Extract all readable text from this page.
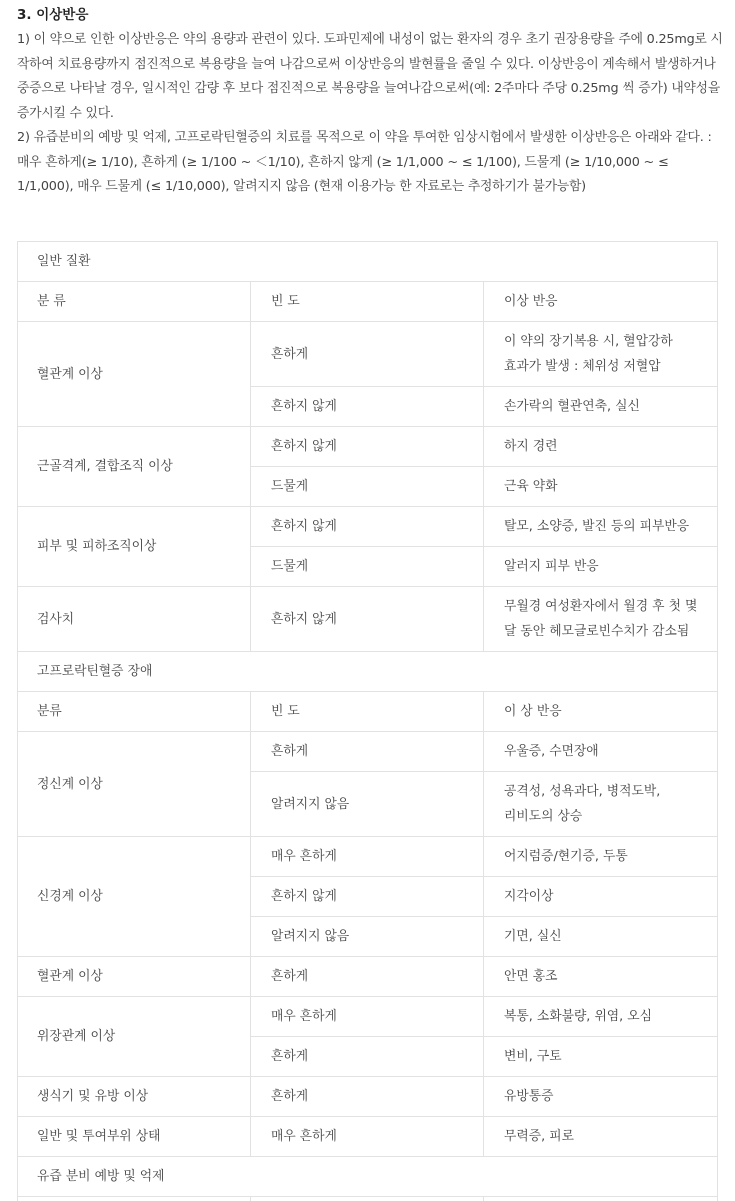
3. 이상반응

1) 이 약으로 인한 이상반응은 약의 용량과 관련이 있다. 도파민제에 내성이 없는 환자의 경우 초기 권장용량을 주에 0.25mg로 시작하여 치료용량까지 점진적으로 복용량을 늘여 나감으로써 이상반응의 발현률을 줄일 수 있다. 이상반응이 계속해서 발생하거나 중증으로 나타날 경우, 일시적인 감량 후 보다 점진적으로 복용량을 늘여나감으로써(예: 2주마다 주당 0.25mg 씩 증가) 내약성을 증가시킬 수 있다.

2) 유즙분비의 예방 및 억제, 고프로락틴혈증의 치료를 목적으로 이 약을 투여한 임상시험에서 발생한 이상반응은 아래와 같다. : 매우 흔하게(≥ 1/10), 흔하게 (≥ 1/100 ~ ＜1/10), 흔하지 않게 (≥ 1/1,000 ~ ≤ 1/100), 드물게 (≥ 1/10,000 ~ ≤ 1/1,000), 매우 드물게 (≤ 1/10,000), 알려지지 않음 (현재 이용가능 한 자료로는 추정하기가 불가능함)

일반 질환		
분 류	빈 도	이상 반응
혈관계 이상	흔하게	이 약의 장기복용 시, 혈압강하 효과가 발생 : 체위성 저혈압
	흔하지 않게	손가락의 혈관연축, 실신
근골격계, 결합조직 이상	흔하지 않게	하지 경련
	드물게	근육 약화
피부 및 피하조직이상	흔하지 않게	탈모, 소양증, 발진 등의 피부반응
	드물게	알러지 피부 반응
검사치	흔하지 않게	무월경 여성환자에서 월경 후 첫 몇 달 동안 헤모글로빈수치가 감소됨
고프로락틴혈증 장애		
분류	빈 도	이 상 반응
정신계 이상	흔하게	우울증, 수면장애
	알려지지 않음	공격성, 성욕과다, 병적도박, 리비도의 상승
신경계 이상	매우 흔하게	어지럼증/현기증, 두통
	흔하지 않게	지각이상
	알려지지 않음	기면, 실신
혈관계 이상	흔하게	안면 홍조
위장관계 이상	매우 흔하게	복통, 소화불량, 위염, 오심
	흔하게	변비, 구토
생식기 및 유방 이상	흔하게	유방통증
일반 및 투여부위 상태	매우 흔하게	무력증, 피로
유즙 분비 예방 및 억제		
